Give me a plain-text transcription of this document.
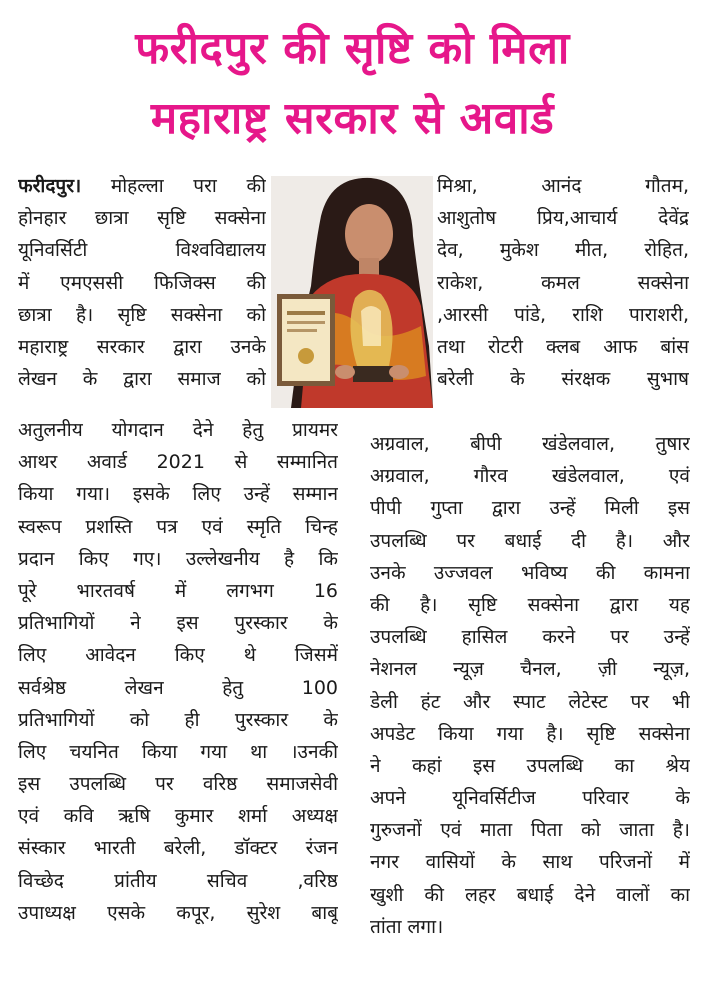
फरीदपुर की सृष्टि को मिला
महाराष्ट्र सरकार से अवार्ड
फरीदपुर। मोहल्ला परा की
होनहार छात्रा सृष्टि सक्सेना
यूनिवर्सिटी विश्वविद्यालय
में एमएससी फिजिक्स की
छात्रा है। सृष्टि सक्सेना को
महाराष्ट्र सरकार द्वारा उनके
लेखन के द्वारा समाज को
अतुलनीय योगदान देने हेतु प्रायमर
आथर अवार्ड 2021 से सम्मानित
किया गया। इसके लिए उन्हें सम्मान
स्वरूप प्रशस्ति पत्र एवं स्मृति चिन्ह
प्रदान किए गए। उल्लेखनीय है कि
पूरे भारतवर्ष में लगभग 16
प्रतिभागियों ने इस पुरस्कार के
लिए आवेदन किए थे जिसमें
सर्वश्रेष्ठ लेखन हेतु 100
प्रतिभागियों को ही पुरस्कार के
लिए चयनित किया गया था ।उनकी
इस उपलब्धि पर वरिष्ठ समाजसेवी
एवं कवि ऋषि कुमार शर्मा अध्यक्ष
संस्कार भारती बरेली, डॉक्टर रंजन
विच्छेद प्रांतीय सचिव ,वरिष्ठ
उपाध्यक्ष एसके कपूर, सुरेश बाबू
मिश्रा, आनंद गौतम,
आशुतोष प्रिय,आचार्य देवेंद्र
देव, मुकेश मीत, रोहित,
राकेश, कमल सक्सेना
,आरसी पांडे, राशि पाराशरी,
तथा रोटरी क्लब आफ बांस
बरेली के संरक्षक सुभाष
अग्रवाल, बीपी खंडेलवाल, तुषार
अग्रवाल, गौरव खंडेलवाल, एवं
पीपी गुप्ता द्वारा उन्हें मिली इस
उपलब्धि पर बधाई दी है। और
उनके उज्जवल भविष्य की कामना
की है। सृष्टि सक्सेना द्वारा यह
उपलब्धि हासिल करने पर उन्हें
नेशनल न्यूज़ चैनल, ज़ी न्यूज़,
डेली हंट और स्पाट लेटेस्ट पर भी
अपडेट किया गया है। सृष्टि सक्सेना
ने कहां इस उपलब्धि का श्रेय
अपने यूनिवर्सिटीज परिवार के
गुरुजनों एवं माता पिता को जाता है।
नगर वासियों के साथ परिजनों में
खुशी की लहर बधाई देने वालों का
तांता लगा।
